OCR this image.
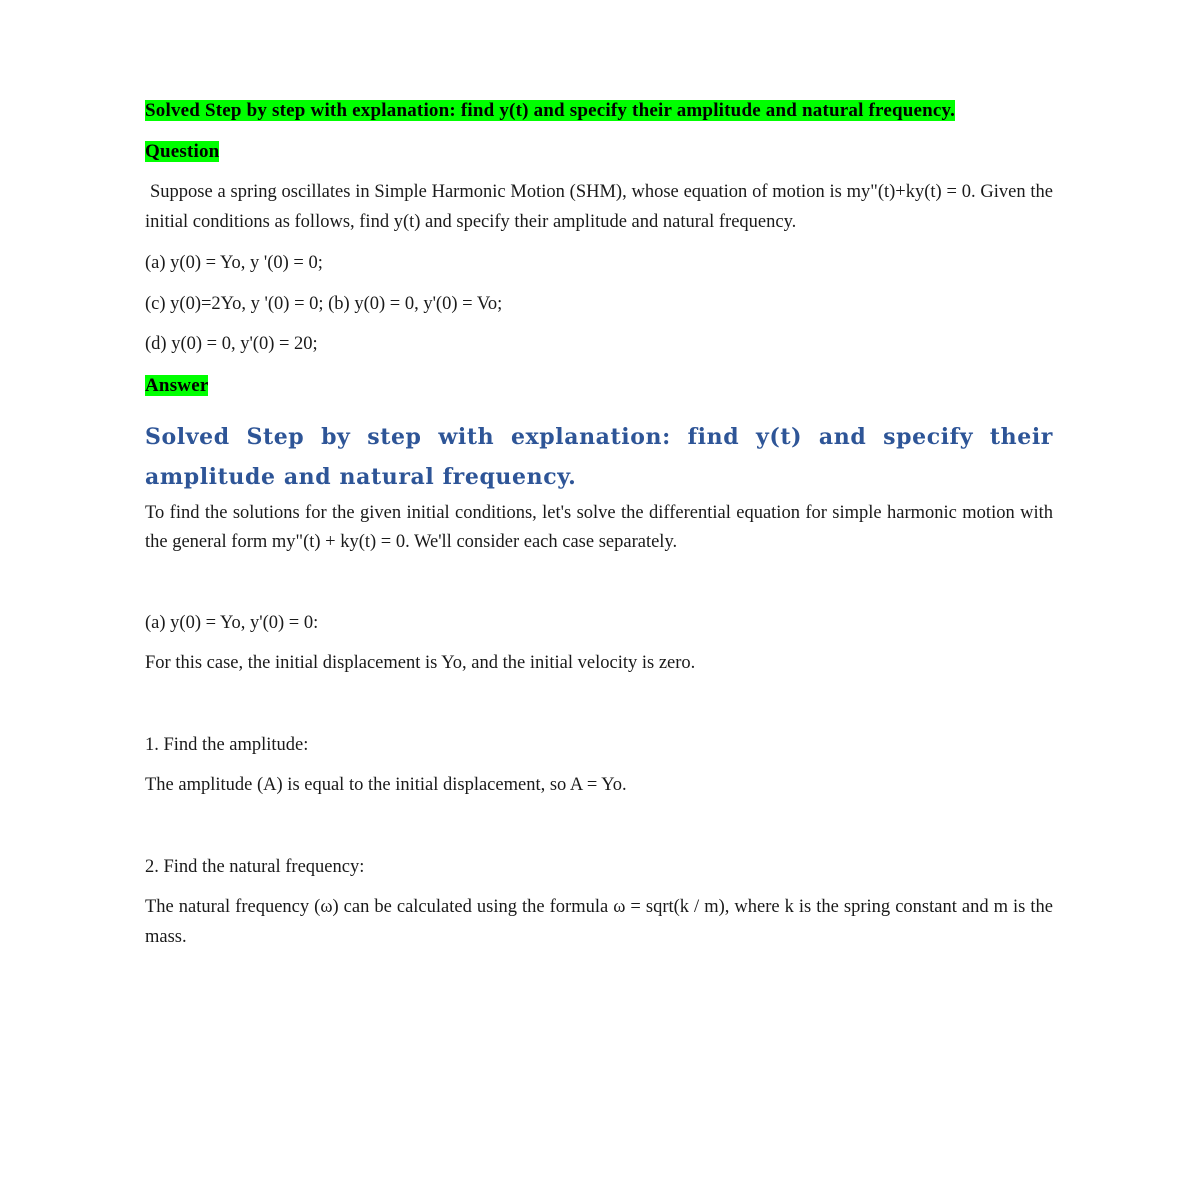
Solved Step by step with explanation: find y(t) and specify their amplitude and natural frequency.

Question

Suppose a spring oscillates in Simple Harmonic Motion (SHM), whose equation of motion is my"(t)+ky(t) = 0. Given the initial conditions as follows, find y(t) and specify their amplitude and natural frequency.

(a) y(0) = Yo, y '(0) = 0;

(c) y(0)=2Yo, y '(0) = 0; (b) y(0) = 0, y'(0) = Vo;

(d) y(0) = 0, y'(0) = 20;

Answer

Solved Step by step with explanation: find y(t) and specify their amplitude and natural frequency.

To find the solutions for the given initial conditions, let's solve the differential equation for simple harmonic motion with the general form my"(t) + ky(t) = 0. We'll consider each case separately.

(a) y(0) = Yo, y'(0) = 0:

For this case, the initial displacement is Yo, and the initial velocity is zero.

1. Find the amplitude:

The amplitude (A) is equal to the initial displacement, so A = Yo.

2. Find the natural frequency:

The natural frequency (ω) can be calculated using the formula ω = sqrt(k / m), where k is the spring constant and m is the mass.
